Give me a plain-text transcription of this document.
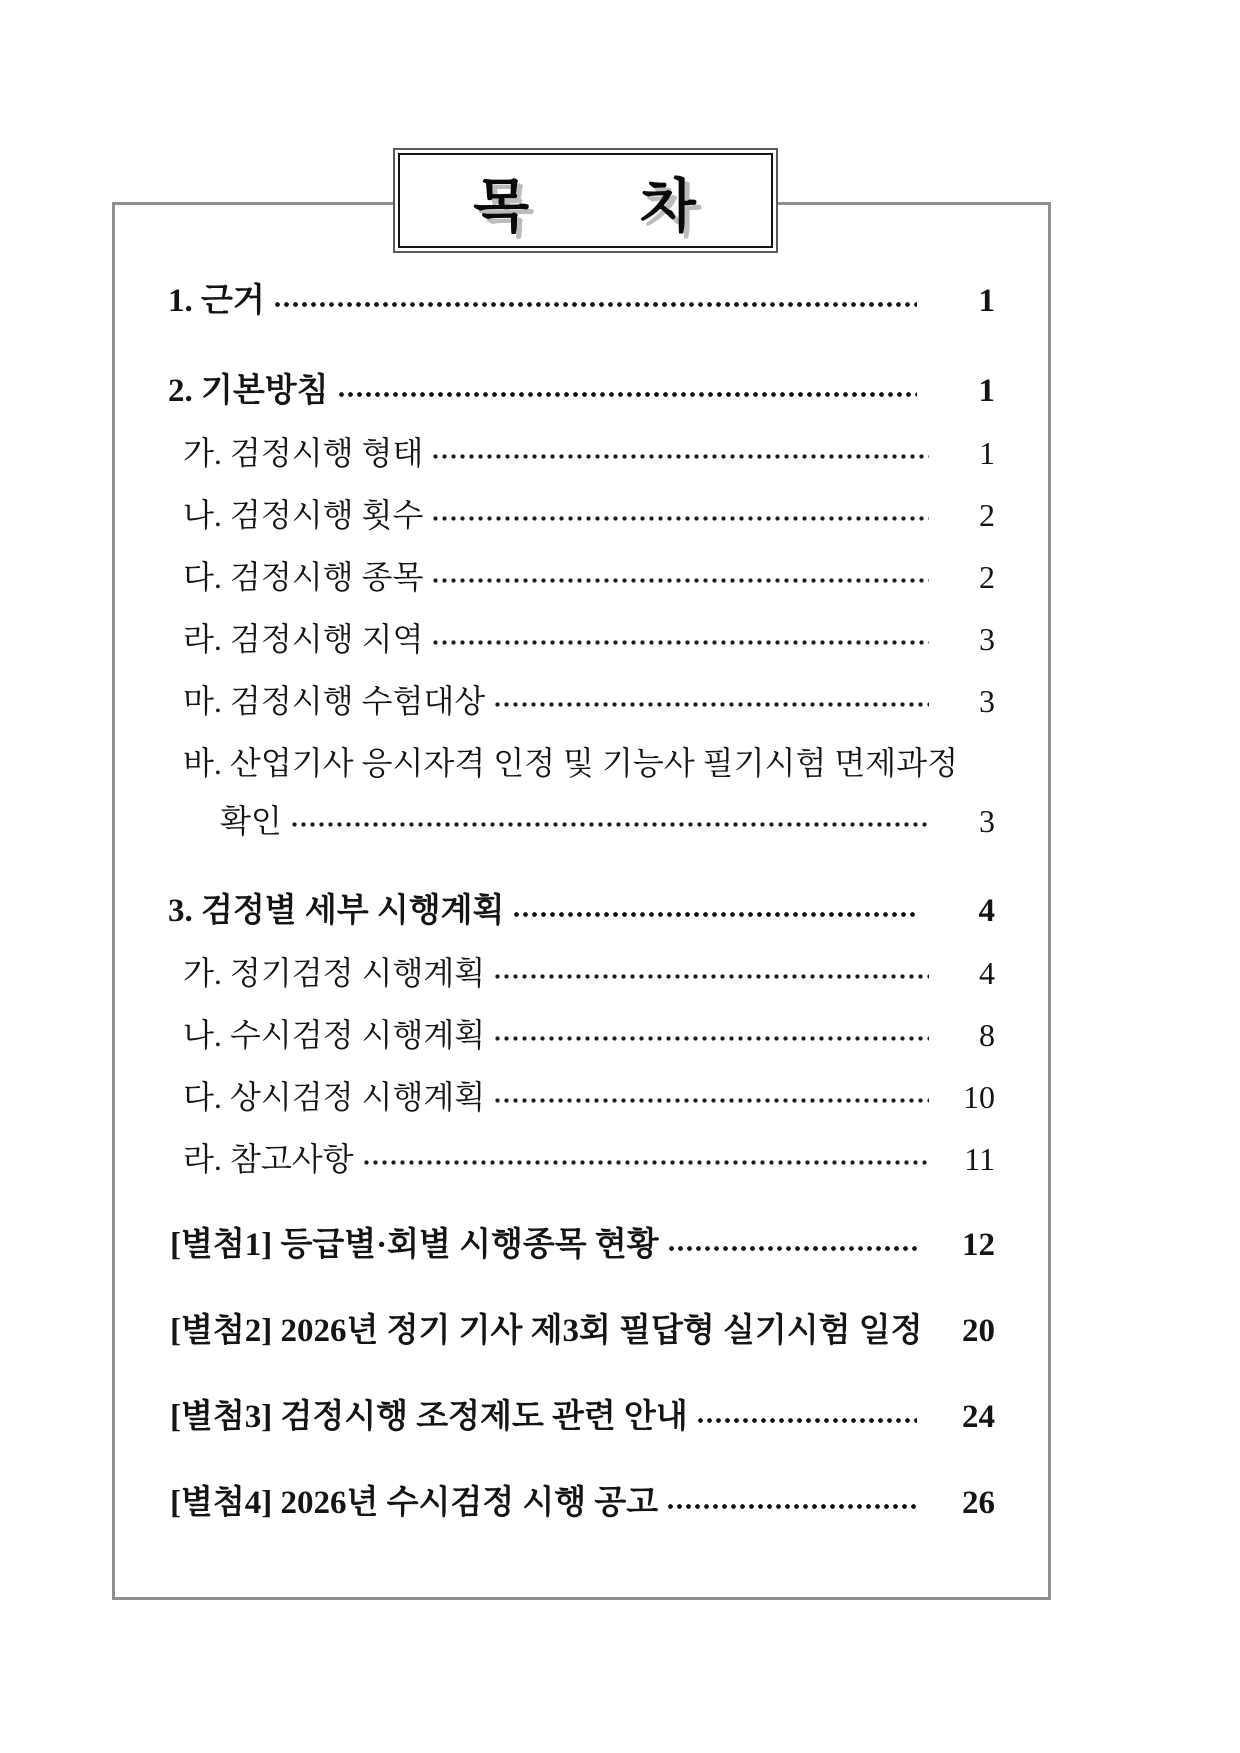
목      차
1. 근거	1
2. 기본방침	1
가. 검정시행 형태	1
나. 검정시행 횟수	2
다. 검정시행 종목	2
라. 검정시행 지역	3
마. 검정시행 수험대상	3
바. 산업기사 응시자격 인정 및 기능사 필기시험 면제과정
확인	3
3. 검정별 세부 시행계획	4
가. 정기검정 시행계획	4
나. 수시검정 시행계획	8
다. 상시검정 시행계획	10
라. 참고사항	11
[별첨1] 등급별·회별 시행종목 현황	12
[별첨2] 2026년 정기 기사 제3회 필답형 실기시험 일정	20
[별첨3] 검정시행 조정제도 관련 안내	24
[별첨4] 2026년 수시검정 시행 공고	26
